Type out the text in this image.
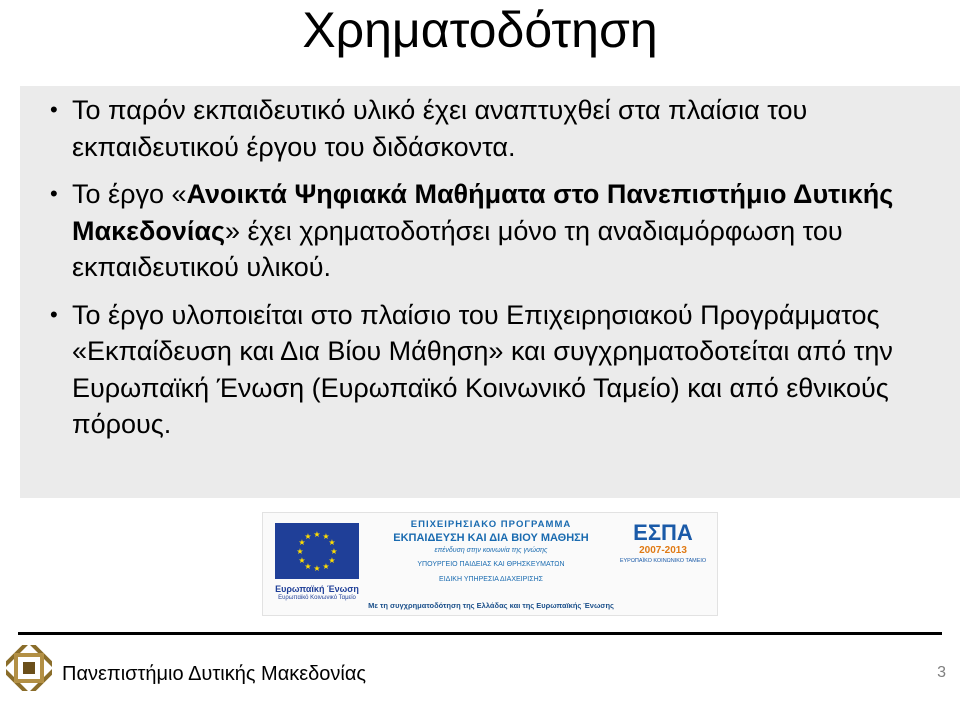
Χρηματοδότηση
• Το παρόν εκπαιδευτικό υλικό έχει αναπτυχθεί στα πλαίσια του εκπαιδευτικού έργου του διδάσκοντα.
• Το έργο «Ανοικτά Ψηφιακά Μαθήματα στο Πανεπιστήμιο Δυτικής Μακεδονίας» έχει χρηματοδοτήσει μόνο τη αναδιαμόρφωση του εκπαιδευτικού υλικού.
• Το έργο υλοποιείται στο πλαίσιο του Επιχειρησιακού Προγράμματος «Εκπαίδευση και Δια Βίου Μάθηση» και συγχρηματοδοτείται από την Ευρωπαϊκή Ένωση (Ευρωπαϊκό Κοινωνικό Ταμείο) και από εθνικούς πόρους.
★ ★
★
★
★
★
★
★
★
★
★
★
Ευρωπαϊκή Ένωση
Ευρωπαϊκό Κοινωνικό Ταμείο
ΕΠΙΧΕΙΡΗΣΙΑΚΟ ΠΡΟΓΡΑΜΜΑ
ΕΚΠΑΙΔΕΥΣΗ ΚΑΙ ΔΙΑ ΒΙΟΥ ΜΑΘΗΣΗ
επένδυση στην κοινωνία της γνώσης
ΥΠΟΥΡΓΕΙΟ ΠΑΙΔΕΙΑΣ ΚΑΙ ΘΡΗΣΚΕΥΜΑΤΩΝ
ΕΙΔΙΚΗ ΥΠΗΡΕΣΙΑ ΔΙΑΧΕΙΡΙΣΗΣ
ΕΣΠΑ
2007-2013
ΕΥΡΩΠΑΪΚΟ ΚΟΙΝΩΝΙΚΟ ΤΑΜΕΙΟ
Με τη συγχρηματοδότηση της Ελλάδας και της Ευρωπαϊκής Ένωσης
Πανεπιστήμιο Δυτικής Μακεδονίας	3
